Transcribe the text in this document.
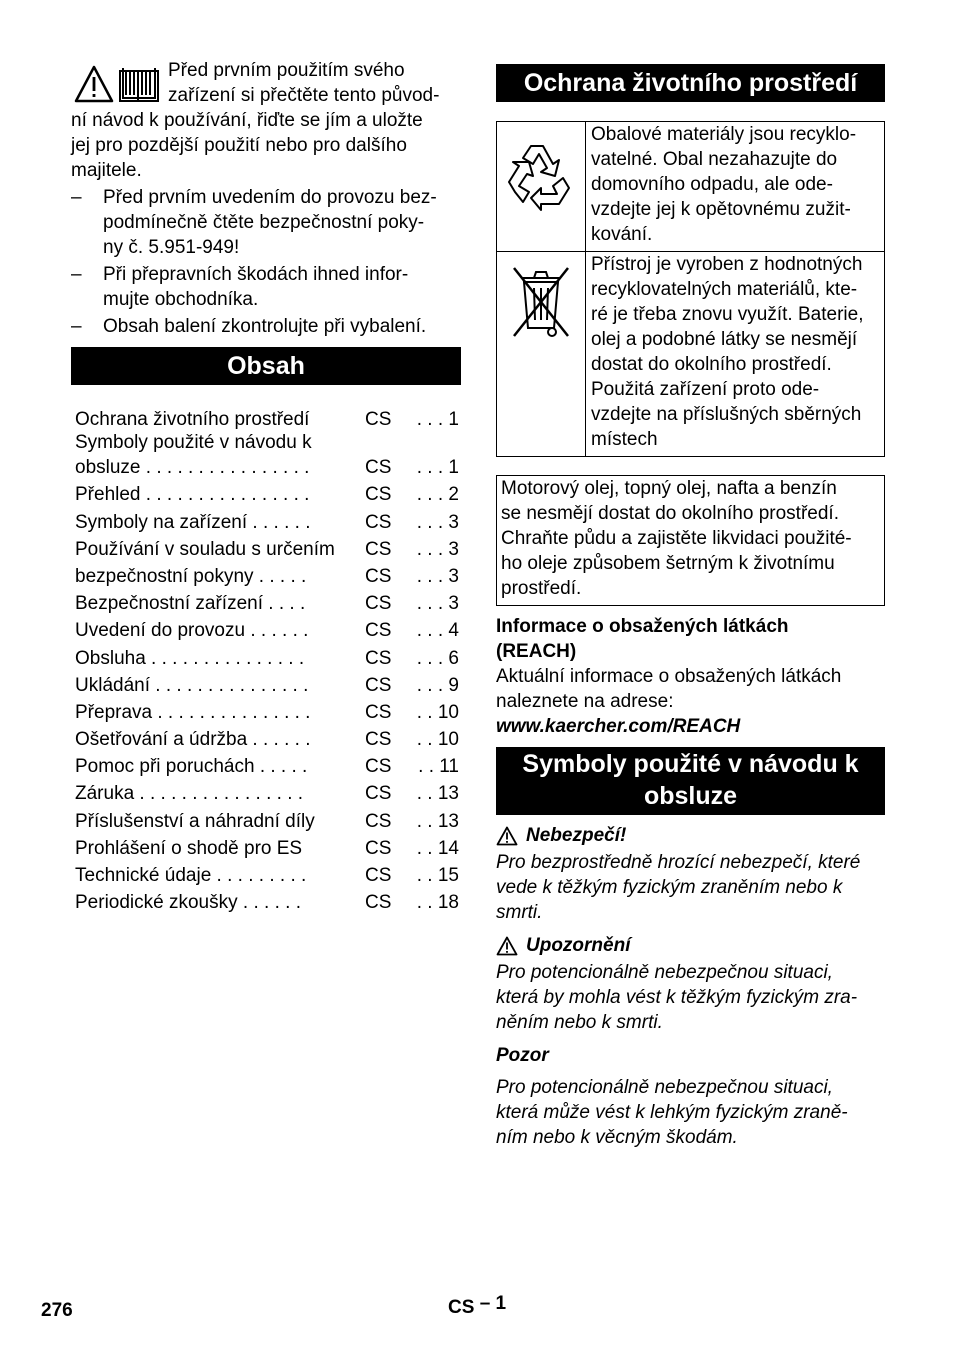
Před prvním použitím svého
zařízení si přečtěte tento původ-
ní návod k používání, řiďte se jím a uložte
jej pro pozdější použití nebo pro dalšího
majitele.
– Před prvním uvedením do provozu bez-
podmínečně čtěte bezpečnostní poky-
ny č. 5.951-949!
– Při přepravních škodách ihned infor-
mujte obchodníka.
– Obsah balení zkontrolujte při vybalení.
Obsah
Ochrana životního prostředí	CS	. . . 1
Symboly použité v návodu k
obsluze . . . . . . . . . . . . . . . .	CS	. . . 1
Přehled . . . . . . . . . . . . . . . .	CS	. . . 2
Symboly na zařízení . . . . . .	CS	. . . 3
Používání v souladu s určením	CS	. . . 3
bezpečnostní pokyny . . . . .	CS	. . . 3
Bezpečnostní zařízení . . . .	CS	. . . 3
Uvedení do provozu . . . . . .	CS	. . . 4
Obsluha . . . . . . . . . . . . . . .	CS	. . . 6
Ukládání . . . . . . . . . . . . . . .	CS	. . . 9
Přeprava . . . . . . . . . . . . . . .	CS	. . 10
Ošetřování a údržba . . . . . .	CS	. . 10
Pomoc při poruchách . . . . .	CS	. . 11
Záruka . . . . . . . . . . . . . . . .	CS	. . 13
Příslušenství a náhradní díly	CS	. . 13
Prohlášení o shodě pro ES	CS	. . 14
Technické údaje . . . . . . . . .	CS	. . 15
Periodické zkoušky . . . . . .	CS	. . 18
Ochrana životního prostředí
Obalové materiály jsou recyklo-
vatelné. Obal nezahazujte do
domovního odpadu, ale ode-
vzdejte jej k opětovnému zužit-
kování.
Přístroj je vyroben z hodnotných
recyklovatelných materiálů, kte-
ré je třeba znovu využít. Baterie,
olej a podobné látky se nesmějí
dostat do okolního prostředí.
Použitá zařízení proto ode-
vzdejte na příslušných sběrných
místech
Motorový olej, topný olej, nafta a benzín
se nesmějí dostat do okolního prostředí.
Chraňte půdu a zajistěte likvidaci použité-
ho oleje způsobem šetrným k životnímu
prostředí.
Informace o obsažených látkách
(REACH)
Aktuální informace o obsažených látkách
naleznete na adrese:
www.kaercher.com/REACH
Symboly použité v návodu k
obsluze
Nebezpečí!
Pro bezprostředně hrozící nebezpečí, které
vede k těžkým fyzickým zraněním nebo k
smrti.
Upozornění
Pro potencionálně nebezpečnou situaci,
která by mohla vést k těžkým fyzickým zra-
něním nebo k smrti.
Pozor
Pro potencionálně nebezpečnou situaci,
která může vést k lehkým fyzickým zraně-
ním nebo k věcným škodám.
276	CS – 1
